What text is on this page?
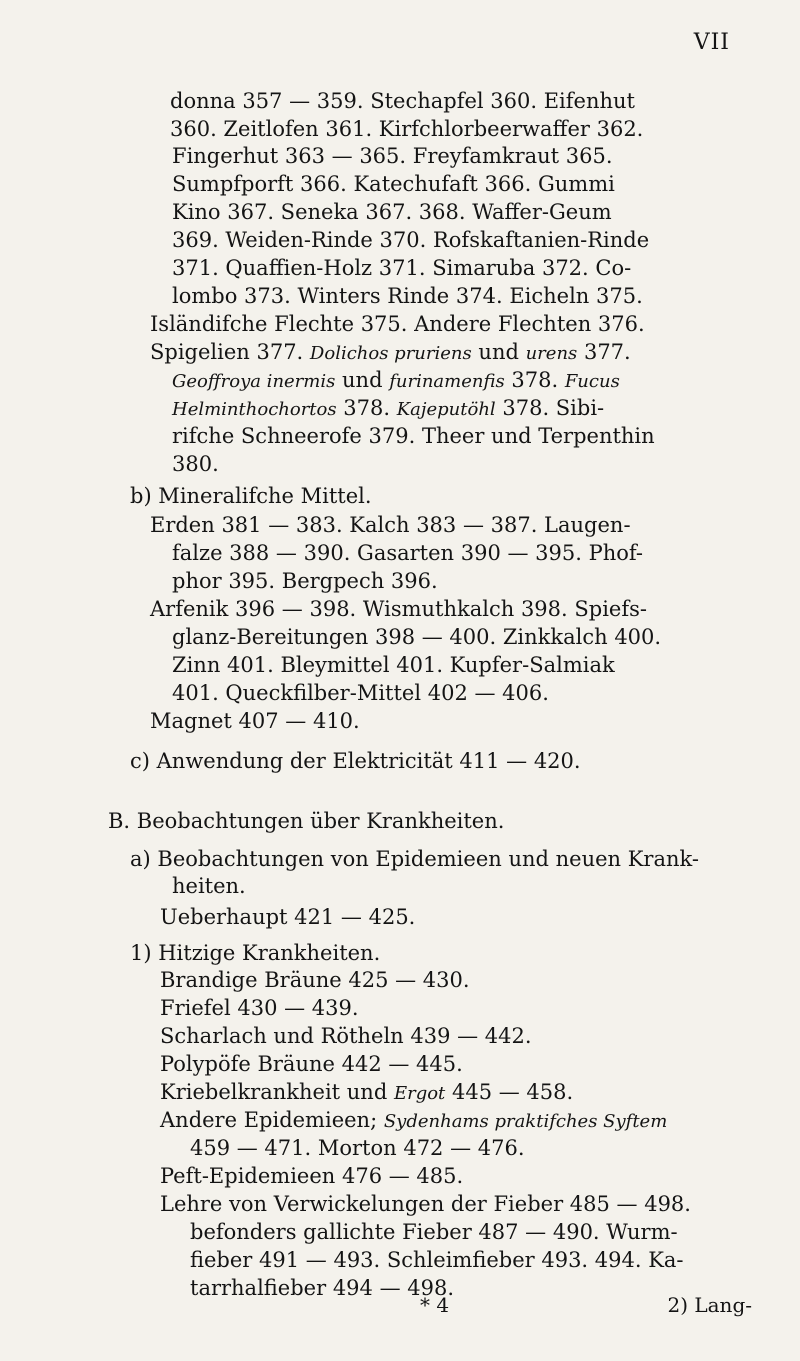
VII
donna 357 — 359. Stechapfel 360. Eifenhut
360. Zeitlofen 361. Kirfchlorbeerwaffer 362.
Fingerhut 363 — 365. Freyfamkraut 365.
Sumpfporft 366. Katechufaft 366. Gummi
Kino 367. Seneka 367. 368. Waffer-Geum
369. Weiden-Rinde 370. Rofskaftanien-Rinde
371. Quaffien-Holz 371. Simaruba 372. Co-
lombo 373. Winters Rinde 374. Eicheln 375.
Isländifche Flechte 375. Andere Flechten 376.
Spigelien 377. Dolichos pruriens und urens 377.
Geoffroya inermis und furinamenfis 378. Fucus
Helminthochortos 378. Kajeputöhl 378. Sibi-
rifche Schneerofe 379. Theer und Terpenthin
380.
b) Mineralifche Mittel.
Erden 381 — 383. Kalch 383 — 387. Laugen-
falze 388 — 390. Gasarten 390 — 395. Phof-
phor 395. Bergpech 396.
Arfenik 396 — 398. Wismuthkalch 398. Spiefs-
glanz-Bereitungen 398 — 400. Zinkkalch 400.
Zinn 401. Bleymittel 401. Kupfer-Salmiak
401. Queckfilber-Mittel 402 — 406.
Magnet 407 — 410.
c) Anwendung der Elektricität 411 — 420.
B. Beobachtungen über Krankheiten.
a) Beobachtungen von Epidemieen und neuen Krank-
heiten.
Ueberhaupt 421 — 425.
1) Hitzige Krankheiten.
Brandige Bräune 425 — 430.
Friefel 430 — 439.
Scharlach und Rötheln 439 — 442.
Polypöfe Bräune 442 — 445.
Kriebelkrankheit und Ergot 445 — 458.
Andere Epidemieen; Sydenhams praktifches Syftem
459 — 471. Morton 472 — 476.
Peft-Epidemieen 476 — 485.
Lehre von Verwickelungen der Fieber 485 — 498.
befonders gallichte Fieber 487 — 490. Wurm-
fieber 491 — 493. Schleimfieber 493. 494. Ka-
tarrhalfieber 494 — 498.
* 4	2) Lang-
